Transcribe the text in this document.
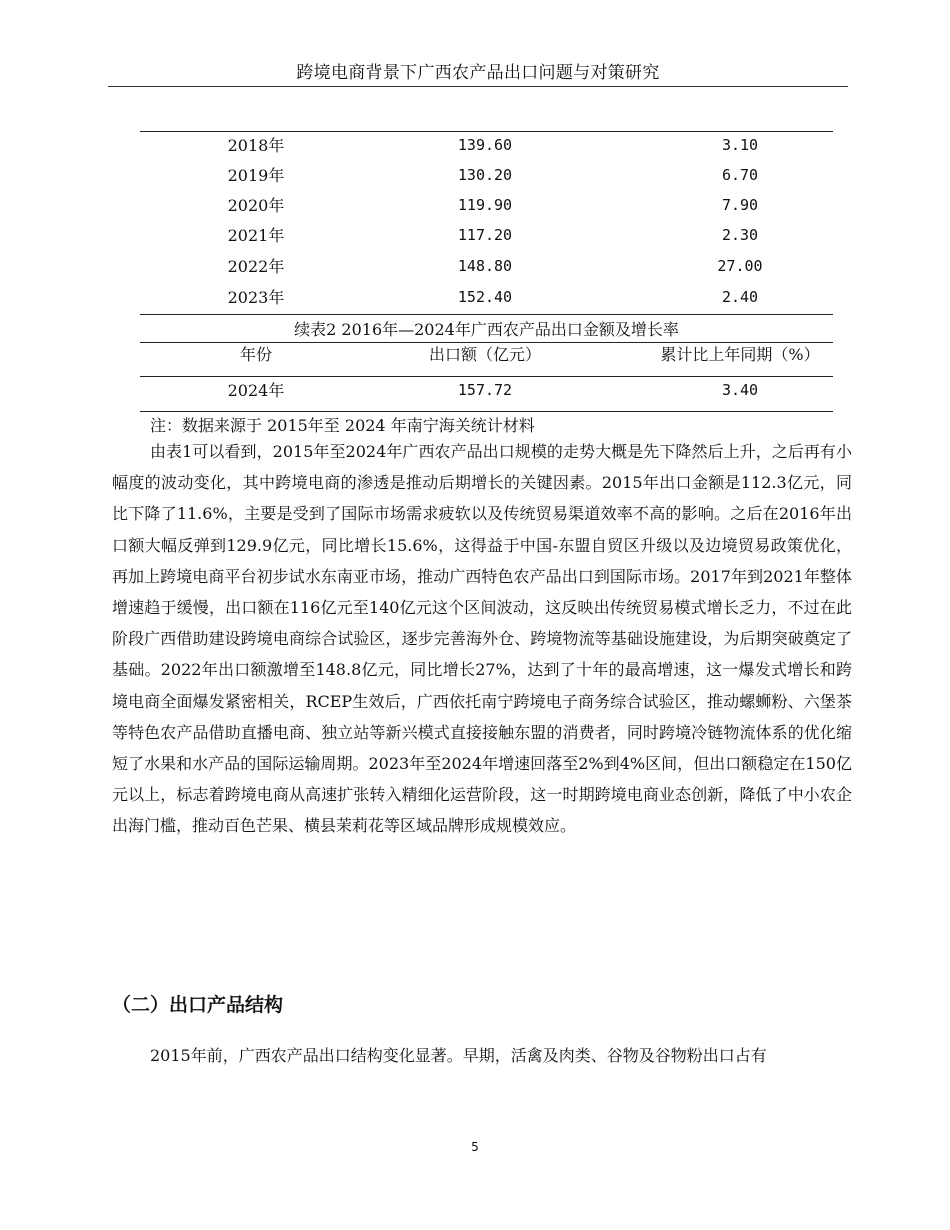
跨境电商背景下广西农产品出口问题与对策研究
2018年	139.60	3.10
2019年	130.20	6.70
2020年	119.90	7.90
2021年	117.20	2.30
2022年	148.80	27.00
2023年	152.40	2.40
续表2 2016年—2024年广西农产品出口金额及增长率
年份	出口额（亿元）	累计比上年同期（%）
2024年	157.72	3.40
注：数据来源于 2015年至 2024 年南宁海关统计材料

由表1可以看到，2015年至2024年广西农产品出口规模的走势大概是先下降然后上升，之后再有小幅度的波动变化，其中跨境电商的渗透是推动后期增长的关键因素。2015年出口金额是112.3亿元，同比下降了11.6%，主要是受到了国际市场需求疲软以及传统贸易渠道效率不高的影响。之后在2016年出口额大幅反弹到129.9亿元，同比增长15.6%，这得益于中国-东盟自贸区升级以及边境贸易政策优化，再加上跨境电商平台初步试水东南亚市场，推动广西特色农产品出口到国际市场。2017年到2021年整体增速趋于缓慢，出口额在116亿元至140亿元这个区间波动，这反映出传统贸易模式增长乏力，不过在此阶段广西借助建设跨境电商综合试验区，逐步完善海外仓、跨境物流等基础设施建设，为后期突破奠定了基础。2022年出口额激增至148.8亿元，同比增长27%，达到了十年的最高增速，这一爆发式增长和跨境电商全面爆发紧密相关，RCEP生效后，广西依托南宁跨境电子商务综合试验区，推动螺蛳粉、六堡茶等特色农产品借助直播电商、独立站等新兴模式直接接触东盟的消费者，同时跨境冷链物流体系的优化缩短了水果和水产品的国际运输周期。2023年至2024年增速回落至2%到4%区间，但出口额稳定在150亿元以上，标志着跨境电商从高速扩张转入精细化运营阶段，这一时期跨境电商业态创新，降低了中小农企出海门槛，推动百色芒果、横县茉莉花等区域品牌形成规模效应。

（二）出口产品结构

2015年前，广西农产品出口结构变化显著。早期，活禽及肉类、谷物及谷物粉出口占有

5
